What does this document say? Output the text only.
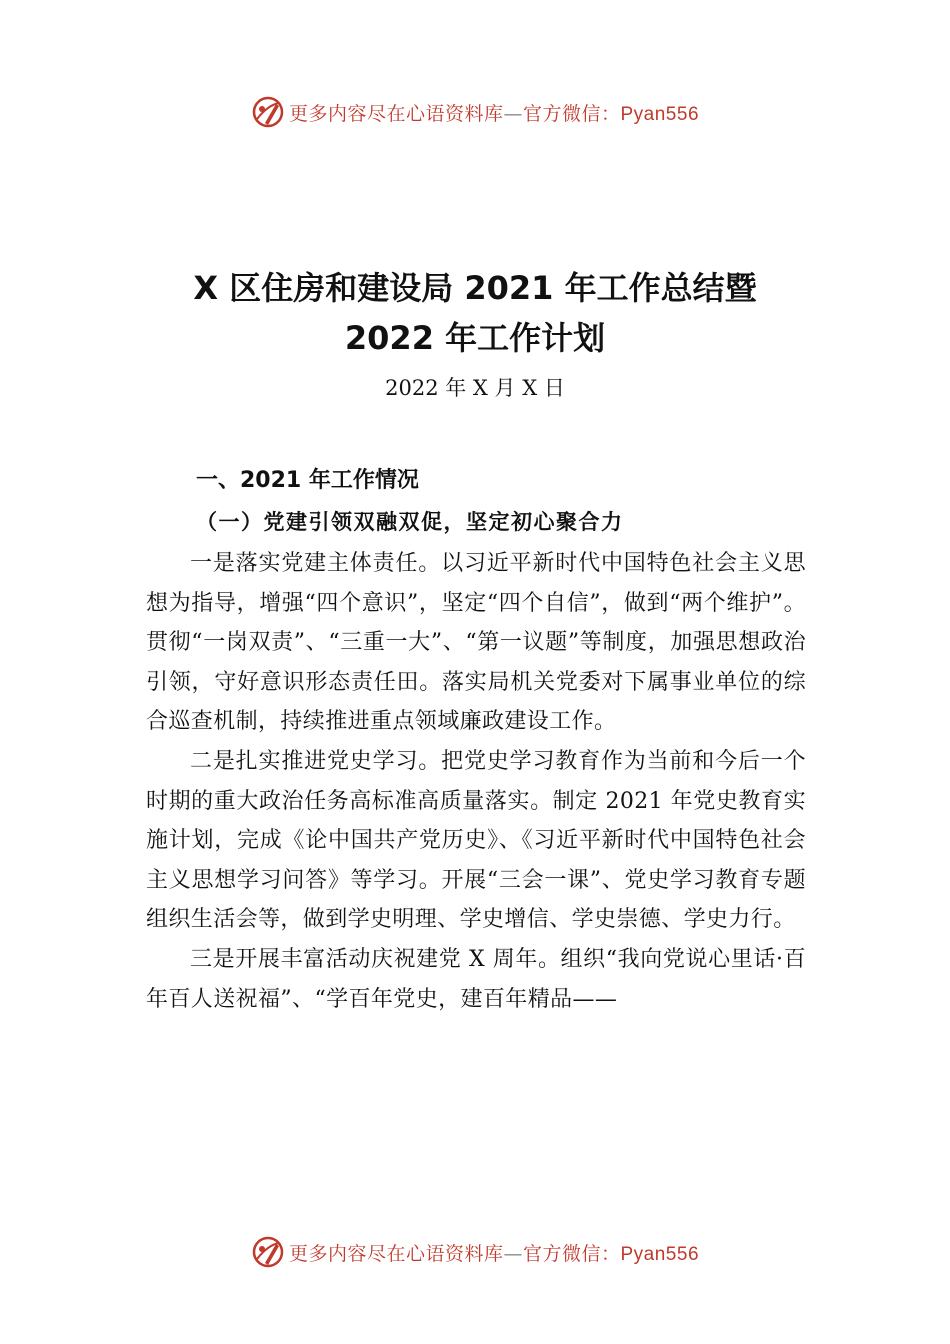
更多内容尽在心语资料库—官方微信：Pyan556
X 区住房和建设局 2021 年工作总结暨
2022 年工作计划
2022 年 X 月 X 日
一、2021 年工作情况
（一）党建引领双融双促，坚定初心聚合力

一是落实党建主体责任。以习近平新时代中国特色社会主义思想为指导，增强“四个意识”，坚定“四个自信”，做到“两个维护”。贯彻“一岗双责”、“三重一大”、“第一议题”等制度，加强思想政治引领，守好意识形态责任田。落实局机关党委对下属事业单位的综合巡查机制，持续推进重点领域廉政建设工作。

二是扎实推进党史学习。把党史学习教育作为当前和今后一个时期的重大政治任务高标准高质量落实。制定 2021 年党史教育实施计划，完成《论中国共产党历史》、《习近平新时代中国特色社会主义思想学习问答》等学习。开展“三会一课”、党史学习教育专题组织生活会等，做到学史明理、学史增信、学史崇德、学史力行。

三是开展丰富活动庆祝建党 X 周年。组织“我向党说心里话·百年百人送祝福”、“学百年党史，建百年精品——

更多内容尽在心语资料库—官方微信：Pyan556
